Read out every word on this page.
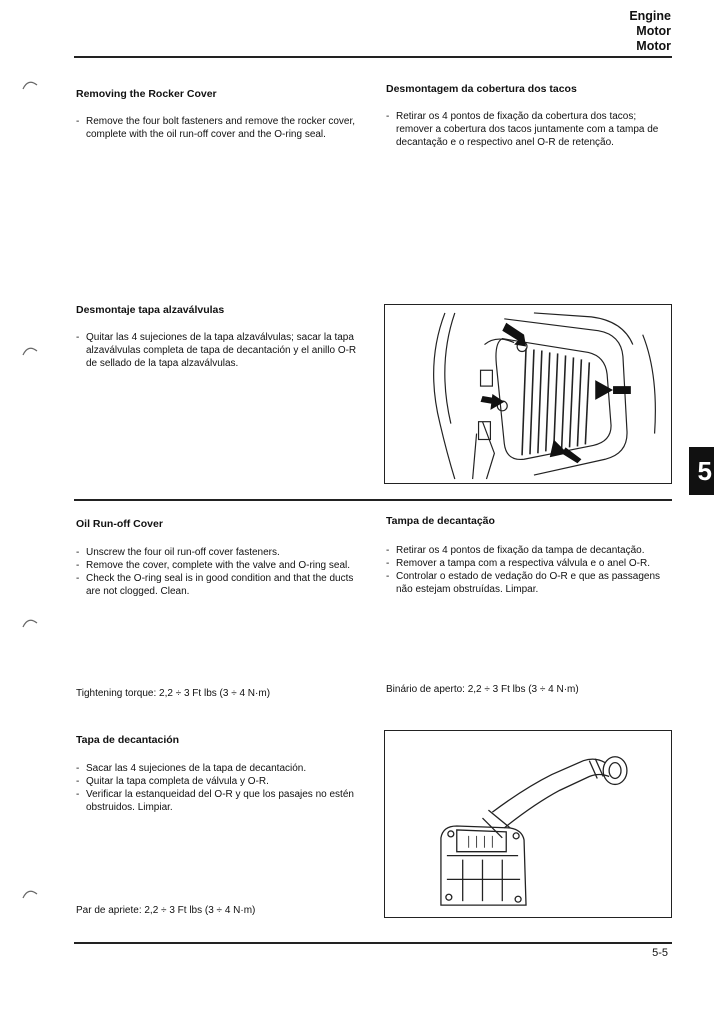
Engine
Motor
Motor
Removing the Rocker Cover
- Remove the four bolt fasteners and remove the rocker cover, complete with the oil run-off cover and the O-ring seal.
Desmontagem da cobertura dos tacos
- Retirar os 4 pontos de fixação da cobertura dos tacos; remover a cobertura dos tacos juntamente com a tampa de decantação e o respectivo anel O-R de retenção.
Desmontaje tapa alzaválvulas
- Quitar las 4 sujeciones de la tapa alzaválvulas; sacar la tapa alzaválvulas completa de tapa de decantación y el anillo O-R de sellado de la tapa alzaválvulas.
Oil Run-off Cover
- Unscrew the four oil run-off cover fasteners.
- Remove the cover, complete with the valve and O-ring seal.
- Check the O-ring seal is in good condition and that the ducts are not clogged. Clean.
Tightening torque: 2,2 ÷ 3 Ft lbs (3 ÷ 4 N·m)
Tampa de decantação
- Retirar os 4 pontos de fixação da tampa de decantação.
- Remover a tampa com a respectiva válvula e o anel O-R.
- Controlar o estado de vedação do O-R e que as passagens não estejam obstruídas. Limpar.
Binário de aperto: 2,2 ÷ 3 Ft lbs (3 ÷ 4 N·m)
Tapa de decantación
- Sacar las 4 sujeciones de la tapa de decantación.
- Quitar la tapa completa de válvula y O-R.
- Verificar la estanqueidad del O-R y que los pasajes no estén obstruidos. Limpiar.
Par de apriete: 2,2 ÷ 3 Ft lbs (3 ÷ 4 N·m)
5
5-5
